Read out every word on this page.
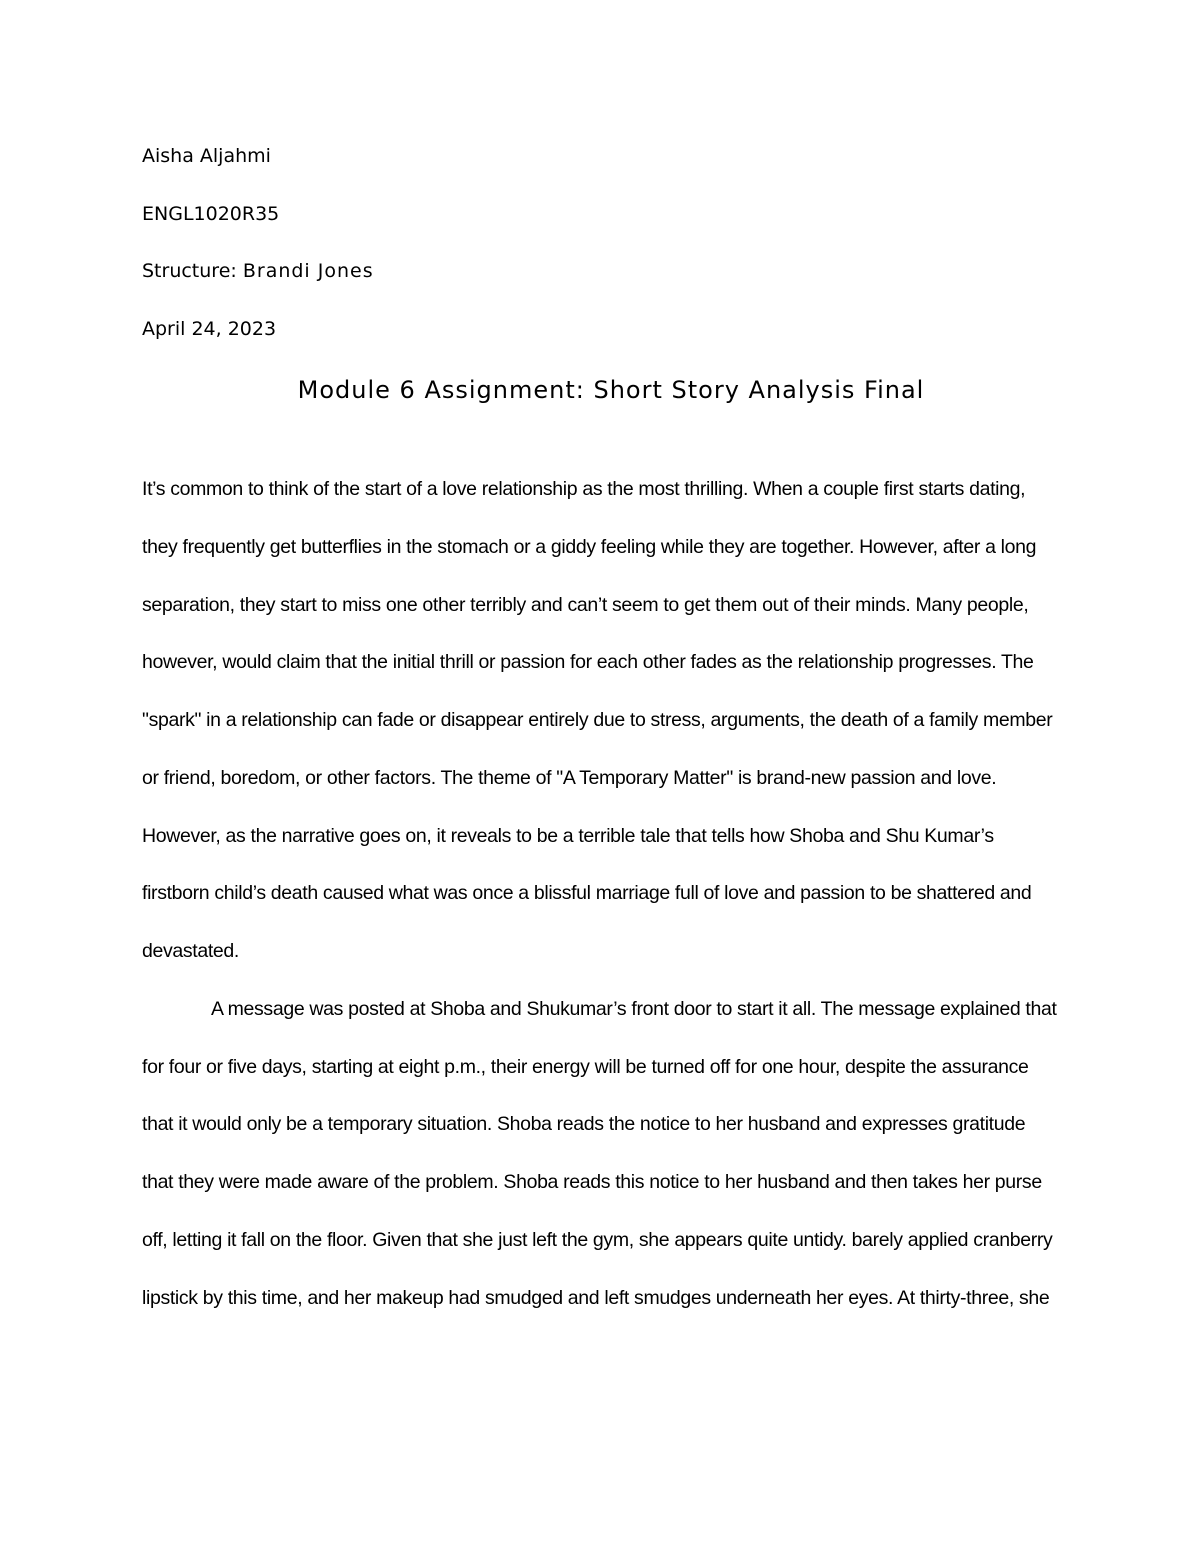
Aisha Aljahmi
ENGL1020R35
Structure: Brandi Jones
April 24, 2023
Module 6 Assignment: Short Story Analysis Final

It’s common to think of the start of a love relationship as the most thrilling. When a couple first starts dating, they frequently get butterflies in the stomach or a giddy feeling while they are together. However, after a long separation, they start to miss one other terribly and can’t seem to get them out of their minds. Many people, however, would claim that the initial thrill or passion for each other fades as the relationship progresses. The "spark" in a relationship can fade or disappear entirely due to stress, arguments, the death of a family member or friend, boredom, or other factors. The theme of "A Temporary Matter" is brand-new passion and love. However, as the narrative goes on, it reveals to be a terrible tale that tells how Shoba and Shu Kumar’s firstborn child’s death caused what was once a blissful marriage full of love and passion to be shattered and devastated.

A message was posted at Shoba and Shukumar’s front door to start it all. The message explained that for four or five days, starting at eight p.m., their energy will be turned off for one hour, despite the assurance that it would only be a temporary situation. Shoba reads the notice to her husband and expresses gratitude that they were made aware of the problem. Shoba reads this notice to her husband and then takes her purse off, letting it fall on the floor. Given that she just left the gym, she appears quite untidy. barely applied cranberry lipstick by this time, and her makeup had smudged and left smudges underneath her eyes. At thirty-three, she
